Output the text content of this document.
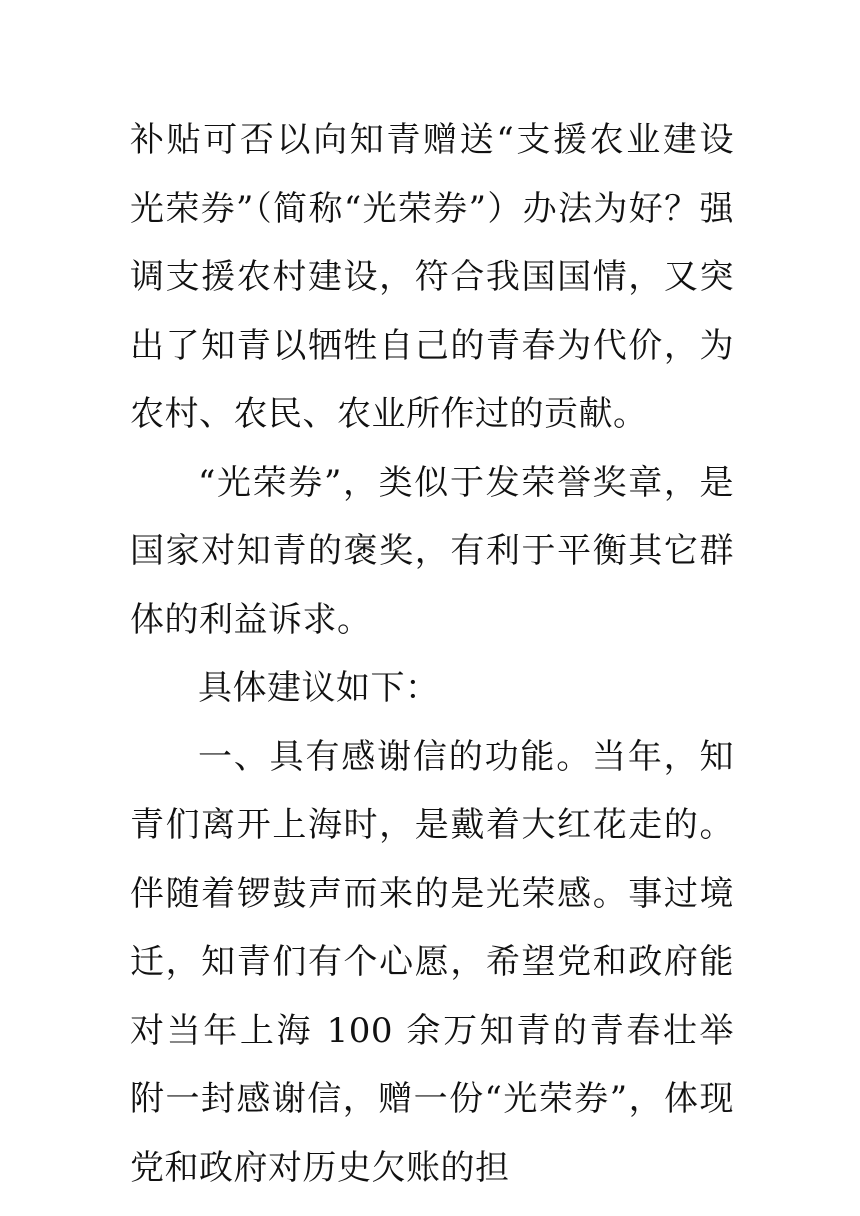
补贴可否以向知青赠送“支援农业建设光荣券”（简称“光荣券”）办法为好？强调支援农村建设，符合我国国情，又突出了知青以牺牲自己的青春为代价，为农村、农民、农业所作过的贡献。

“光荣券”，类似于发荣誉奖章，是国家对知青的褒奖，有利于平衡其它群体的利益诉求。

具体建议如下：

一、具有感谢信的功能。当年，知青们离开上海时，是戴着大红花走的。伴随着锣鼓声而来的是光荣感。事过境迁，知青们有个心愿，希望党和政府能对当年上海 100 余万知青的青春壮举附一封感谢信，赠一份“光荣券”，体现党和政府对历史欠账的担
